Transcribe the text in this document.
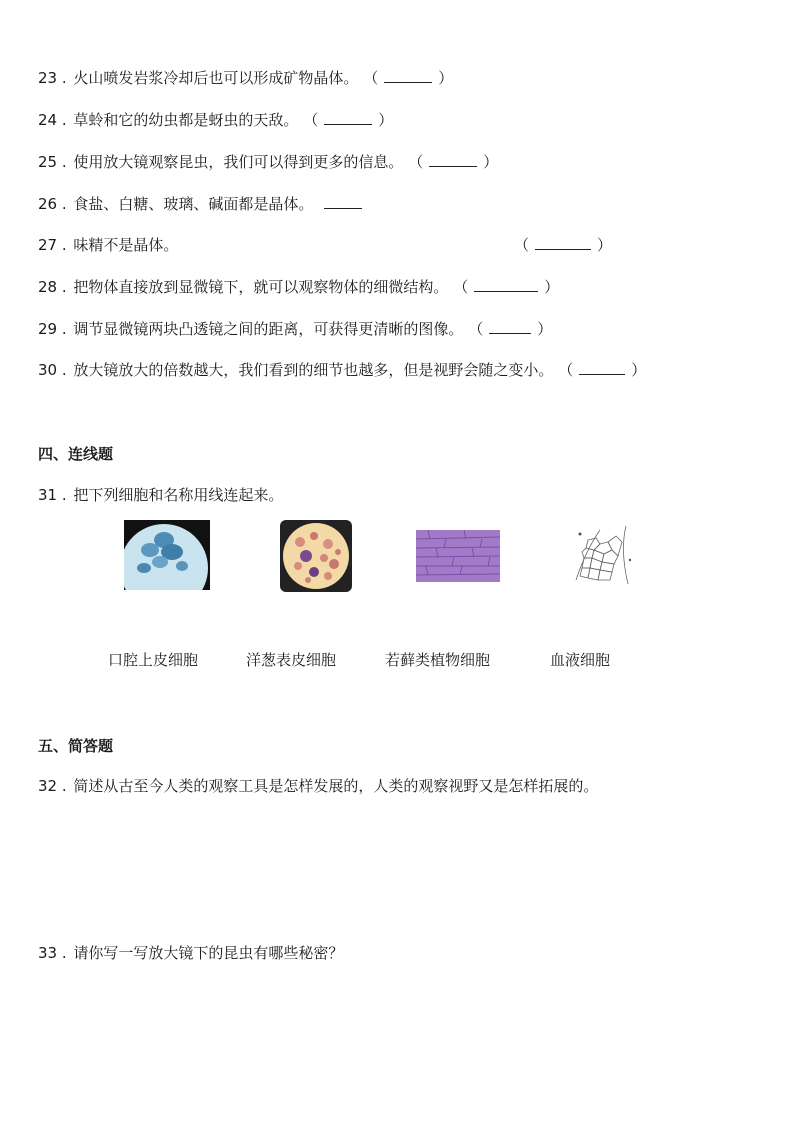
23 . 火山喷发岩浆冷却后也可以形成矿物晶体。 （	）
24 . 草蛉和它的幼虫都是蚜虫的天敌。 （	）
25 . 使用放大镜观察昆虫，我们可以得到更多的信息。 （	）
26 . 食盐、白糖、玻璃、碱面都是晶体。
27 . 味精不是晶体。	（	）
28 . 把物体直接放到显微镜下，就可以观察物体的细微结构。 （	）
29 . 调节显微镜两块凸透镜之间的距离，可获得更清晰的图像。 （	）
30 . 放大镜放大的倍数越大，我们看到的细节也越多，但是视野会随之变小。 （	）
四、连线题
31 . 把下列细胞和名称用线连起来。
口腔上皮细胞	洋葱表皮细胞	若藓类植物细胞	血液细胞
五、简答题
32 . 简述从古至今人类的观察工具是怎样发展的，人类的观察视野又是怎样拓展的。
33 . 请你写一写放大镜下的昆虫有哪些秘密？
